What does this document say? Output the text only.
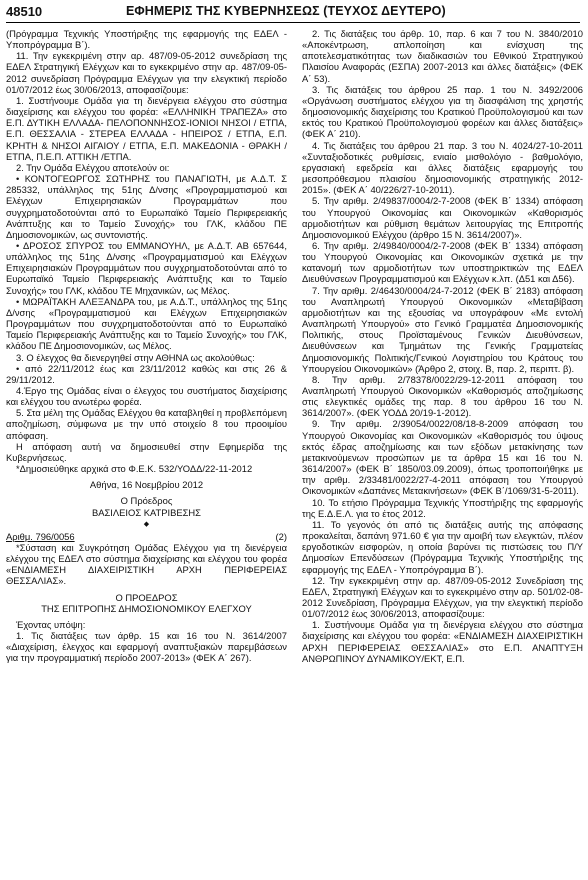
48510	ΕΦΗΜΕΡΙΣ ΤΗΣ ΚΥΒΕΡΝΗΣΕΩΣ (ΤΕΥΧΟΣ ΔΕΥΤΕΡΟ)

(Πρόγραμμα Τεχνικής Υποστήριξης της εφαρμογής της ΕΔΕΛ - Υποπρόγραμμα Β΄).

11. Την εγκεκριμένη στην αρ. 487/09-05-2012 συνεδρίαση της ΕΔΕΛ Στρατηγική Ελέγχων και το εγκεκριμένο στην αρ. 487/09-05-2012 συνεδρίαση Πρόγραμμα Ελέγχων για την ελεγκτική περίοδο 01/07/2012 έως 30/06/2013, αποφασίζουμε:

1. Συστήνουμε Ομάδα για τη διενέργεια ελέγχου στο σύστημα διαχείρισης και ελέγχου του φορέα: «ΕΛΛΗΝΙΚΗ ΤΡΑΠΕΖΑ» στο Ε.Π. ΔΥΤΙΚΗ ΕΛΛΑΔΑ- ΠΕΛΟΠΟΝΝΗΣΟΣ-ΙΟΝΙΟΙ ΝΗΣΟΙ / ΕΤΠΑ, Ε.Π. ΘΕΣΣΑΛΙΑ - ΣΤΕΡΕΑ ΕΛΛΑΔΑ - ΗΠΕΙΡΟΣ / ΕΤΠΑ, Ε.Π. ΚΡΗΤΗ & ΝΗΣΟΙ ΑΙΓΑΙΟΥ / ΕΤΠΑ, Ε.Π. ΜΑΚΕΔΟΝΙΑ - ΘΡΑΚΗ / ΕΤΠΑ, Π.Ε.Π. ΑΤΤΙΚΗ /ΕΤΠΑ.

2. Την Ομάδα Ελέγχου αποτελούν οι:

• ΚΟΝΤΟΓΕΩΡΓΟΣ ΣΩΤΗΡΗΣ του ΠΑΝΑΓΙΩΤΗ, με Α.Δ.Τ. Σ 285332, υπάλληλος της 51ης Δ/νσης «Προγραμματισμού και Ελέγχων Επιχειρησιακών Προγραμμάτων που συγχρηματοδοτούνται από το Ευρωπαϊκό Ταμείο Περιφερειακής Ανάπτυξης και το Ταμείο Συνοχής» του ΓΛΚ, κλάδου ΠΕ Δημοσιονομικών, ως συντονιστής.

• ΔΡΟΣΟΣ ΣΠΥΡΟΣ του ΕΜΜΑΝΟΥΗΛ, με Α.Δ.Τ. ΑΒ 657644, υπάλληλος της 51ης Δ/νσης «Προγραμματισμού και Ελέγχων Επιχειρησιακών Προγραμμάτων που συγχρηματοδοτούνται από το Ευρωπαϊκό Ταμείο Περιφερειακής Ανάπτυξης και το Ταμείο Συνοχής» του ΓΛΚ, κλάδου ΤΕ Μηχανικών, ως Μέλος.

• ΜΩΡΑΪΤΑΚΗ ΑΛΕΞΑΝΔΡΑ του, με Α.Δ.Τ., υπάλληλος της 51ης Δ/νσης «Προγραμματισμού και Ελέγχων Επιχειρησιακών Προγραμμάτων που συγχρηματοδοτούνται από το Ευρωπαϊκό Ταμείο Περιφερειακής Ανάπτυξης και το Ταμείο Συνοχής» του ΓΛΚ, κλάδου ΠΕ Δημοσιονομικών, ως Μέλος.

3. Ο έλεγχος θα διενεργηθεί στην ΑΘΗΝΑ ως ακολούθως:

• από 22/11/2012 έως και 23/11/2012 καθώς και στις 26 & 29/11/2012.

4.Έργο της Ομάδας είναι ο έλεγχος του συστήματος διαχείρισης και ελέγχου του ανωτέρω φορέα.

5. Στα μέλη της Ομάδας Ελέγχου θα καταβληθεί η προβλεπόμενη αποζημίωση, σύμφωνα με την υπό στοιχείο 8 του προοιμίου απόφαση.

Η απόφαση αυτή να δημοσιευθεί στην Εφημερίδα της Κυβερνήσεως.

*Δημοσιεύθηκε αρχικά στο Φ.Ε.Κ. 532/ΥΟΔΔ/22-11-2012

Αθήνα, 16 Νοεμβρίου 2012

Ο Πρόεδρος

ΒΑΣΙΛΕΙΟΣ ΚΑΤΡΙΒΕΣΗΣ

◆

Αριθμ. 796/0056	(2)

*Σύσταση και Συγκρότηση Ομάδας Ελέγχου για τη διενέργεια ελέγχου της ΕΔΕΛ στο σύστημα διαχείρισης και ελέγχου του φορέα «ΕΝΔΙΑΜΕΣΗ ΔΙΑΧΕΙΡΙΣΤΙΚΗ ΑΡΧΗ ΠΕΡΙΦΕΡΕΙΑΣ ΘΕΣΣΑΛΙΑΣ».

Ο ΠΡΟΕΔΡΟΣ

ΤΗΣ ΕΠΙΤΡΟΠΗΣ ΔΗΜΟΣΙΟΝΟΜΙΚΟΥ ΕΛΕΓΧΟΥ

Έχοντας υπόψη:

1. Τις διατάξεις των άρθρ. 15 και 16 του Ν. 3614/2007 «Διαχείριση, έλεγχος και εφαρμογή αναπτυξιακών παρεμβάσεων για την προγραμματική περίοδο 2007-2013» (ΦΕΚ Α΄ 267).

2. Τις διατάξεις του άρθρ. 10, παρ. 6 και 7 του Ν. 3840/2010 «Αποκέντρωση, απλοποίηση και ενίσχυση της αποτελεσματικότητας των διαδικασιών του Εθνικού Στρατηγικού Πλαισίου Αναφοράς (ΕΣΠΑ) 2007-2013 και άλλες διατάξεις» (ΦΕΚ Α΄ 53).

3. Τις διατάξεις του άρθρου 25 παρ. 1 του Ν. 3492/2006 «Οργάνωση συστήματος ελέγχου για τη διασφάλιση της χρηστής δημοσιονομικής διαχείρισης του Κρατικού Προϋπολογισμού και των εκτός του Κρατικού Προϋπολογισμού φορέων και άλλες διατάξεις» (ΦΕΚ Α΄ 210).

4. Τις διατάξεις του άρθρου 21 παρ. 3 του Ν. 4024/27-10-2011 «Συνταξιοδοτικές ρυθμίσεις, ενιαίο μισθολόγιο - βαθμολόγιο, εργασιακή εφεδρεία και άλλες διατάξεις εφαρμογής του μεσοπρόθεσμου πλαισίου δημοσιονομικής στρατηγικής 2012-2015». (ΦΕΚ Α΄ 40/226/27-10-2011).

5. Την αριθμ. 2/49837/0004/2-7-2008 (ΦΕΚ Β΄ 1334) απόφαση του Υπουργού Οικονομίας και Οικονομικών «Καθορισμός αρμοδιοτήτων και ρύθμιση θεμάτων λειτουργίας της Επιτροπής Δημοσιονομικού Ελέγχου (άρθρο 15 Ν. 3614/2007)».

6. Την αριθμ. 2/49840/0004/2-7-2008 (ΦΕΚ Β΄ 1334) απόφαση του Υπουργού Οικονομίας και Οικονομικών σχετικά με την κατανομή των αρμοδιοτήτων των υποστηρικτικών της ΕΔΕΛ Διευθύνσεων Προγραμματισμού και Ελέγχων κ.λπ. (Δ51 και Δ56).

7. Την αριθμ. 2/46430/0004/24-7-2012 (ΦΕΚ Β΄ 2183) απόφαση του Αναπληρωτή Υπουργού Οικονομικών «Μεταβίβαση αρμοδιοτήτων και της εξουσίας να υπογράφουν «Με εντολή Αναπληρωτή Υπουργού» στο Γενικό Γραμματέα Δημοσιονομικής Πολιτικής, στους Προϊσταμένους Γενικών Διευθύνσεων, Διευθύνσεων και Τμημάτων της Γενικής Γραμματείας Δημοσιονομικής Πολιτικής/Γενικού Λογιστηρίου του Κράτους του Υπουργείου Οικονομικών» (Άρθρο 2, στοιχ. Β, παρ. 2, περιπτ. β).

8. Την αριθμ. 2/78378/0022/29-12-2011 απόφαση του Αναπληρωτή Υπουργού Οικονομικών «Καθορισμός αποζημίωσης στις ελεγκτικές ομάδες της παρ. 8 του άρθρου 16 του Ν. 3614/2007». (ΦΕΚ ΥΟΔΔ 20/19-1-2012).

9. Την αριθμ. 2/39054/0022/08/18-8-2009 απόφαση του Υπουργού Οικονομίας και Οικονομικών «Καθορισμός του ύψους εκτός έδρας αποζημίωσης και των εξόδων μετακίνησης των μετακινούμενων προσώπων με τα άρθρα 15 και 16 του Ν. 3614/2007» (ΦΕΚ Β΄ 1850/03.09.2009), όπως τροποποιήθηκε με την αριθμ. 2/33481/0022/27-4-2011 απόφαση του Υπουργού Οικονομικών «Δαπάνες Μετακινήσεων» (ΦΕΚ Β΄/1069/31-5-2011).

10. Το ετήσιο Πρόγραμμα Τεχνικής Υποστήριξης της εφαρμογής της Ε.Δ.Ε.Λ. για το έτος 2012.

11. Το γεγονός ότι από τις διατάξεις αυτής της απόφασης προκαλείται, δαπάνη 971.60 € για την αμοιβή των ελεγκτών, πλέον εργοδοτικών εισφορών, η οποία βαρύνει τις πιστώσεις του Π/Υ Δημοσίων Επενδύσεων (Πρόγραμμα Τεχνικής Υποστήριξης της εφαρμογής της ΕΔΕΛ - Υποπρόγραμμα Β΄).

12. Την εγκεκριμένη στην αρ. 487/09-05-2012 Συνεδρίαση της ΕΔΕΛ, Στρατηγική Ελέγχων και το εγκεκριμένο στην αρ. 501/02-08-2012 Συνεδρίαση, Πρόγραμμα Ελέγχων, για την ελεγκτική περίοδο 01/07/2012 έως 30/06/2013, αποφασίζουμε:

1. Συστήνουμε Ομάδα για τη διενέργεια ελέγχου στο σύστημα διαχείρισης και ελέγχου του φορέα: «ΕΝΔΙΑΜΕΣΗ ΔΙΑΧΕΙΡΙΣΤΙΚΗ ΑΡΧΗ ΠΕΡΙΦΕΡΕΙΑΣ ΘΕΣΣΑΛΙΑΣ» στο Ε.Π. ΑΝΑΠΤΥΞΗ ΑΝΘΡΩΠΙΝΟΥ ΔΥΝΑΜΙΚΟΥ/ΕΚΤ, Ε.Π.
